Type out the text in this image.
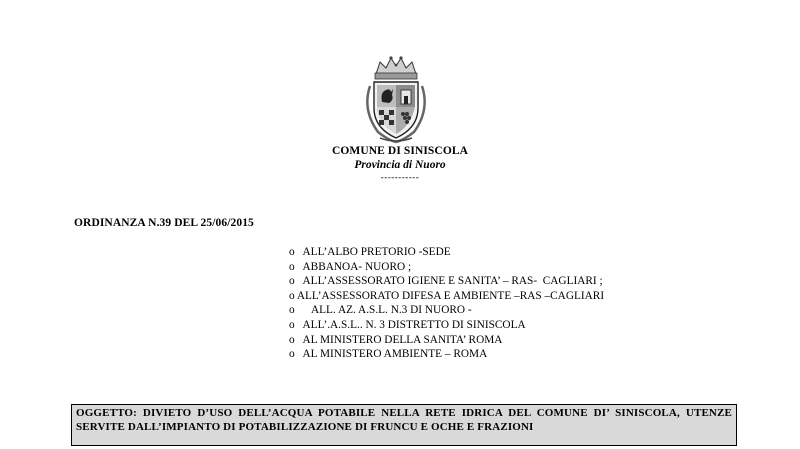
COMUNE DI SINISCOLA
Provincia di Nuoro
-----------
ORDINANZA N.39 DEL 25/06/2015
o ALL’ALBO PRETORIO -SEDE
o ABBANOA- NUORO ;
o ALL’ASSESSORATO IGIENE E SANITA’ – RAS-  CAGLIARI ;
o ALL’ASSESSORATO DIFESA E AMBIENTE –RAS –CAGLIARI
o      ALL. AZ. A.S.L. N.3 DI NUORO -
o ALL’.A.S.L.. N. 3 DISTRETTO DI SINISCOLA
o AL MINISTERO DELLA SANITA’ ROMA
o AL MINISTERO AMBIENTE – ROMA
OGGETTO: DIVIETO D’USO DELL’ACQUA POTABILE NELLA RETE IDRICA DEL COMUNE DI’ SINISCOLA, UTENZE SERVITE DALL’IMPIANTO DI POTABILIZZAZIONE DI FRUNCU E OCHE E FRAZIONI
